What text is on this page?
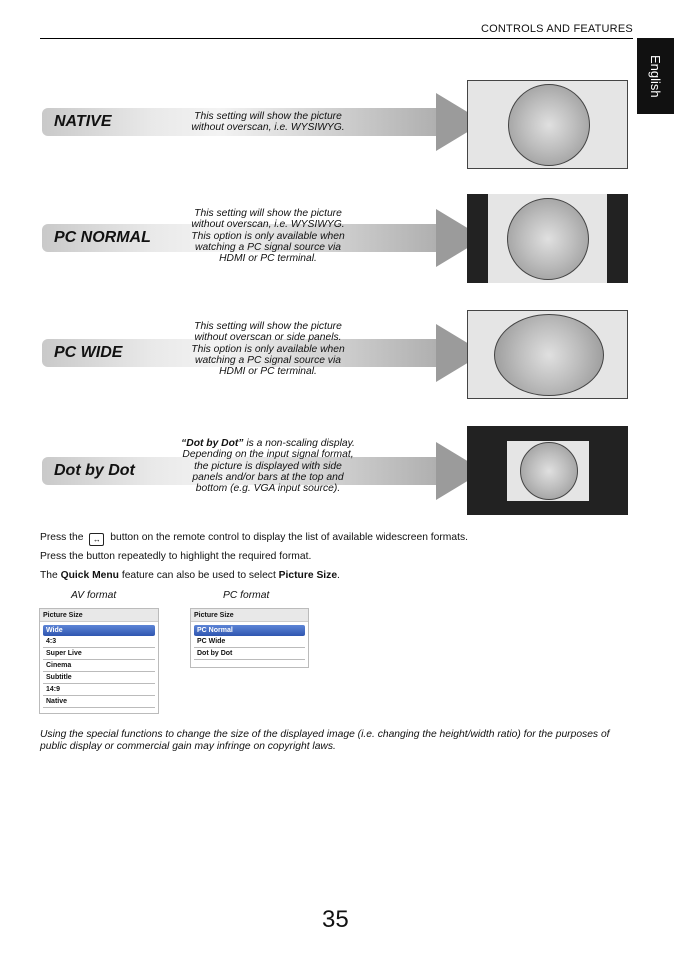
CONTROLS AND FEATURES
English
NATIVE	This setting will show the picture
without overscan, i.e. WYSIWYG.
PC NORMAL
This setting will show the picture
without overscan, i.e. WYSIWYG.
This option is only available when
watching a PC signal source via
HDMI or PC terminal.
PC WIDE
This setting will show the picture
without overscan or side panels.
This option is only available when
watching a PC signal source via
HDMI or PC terminal.
Dot by Dot
“Dot by Dot” is a non-scaling display.
Depending on the input signal format,
the picture is displayed with side
panels and/or bars at the top and
bottom (e.g. VGA input source).
Press the ↔ button on the remote control to display the list of available widescreen formats.
Press the button repeatedly to highlight the required format.
The Quick Menu feature can also be used to select Picture Size.
AV format	PC format
Picture Size
Wide
4:3
Super Live
Cinema
Subtitle
14:9
Native
Picture Size
PC Normal
PC Wide
Dot by Dot
Using the special functions to change the size of the displayed image (i.e. changing the height/width ratio) for the purposes of public display or commercial gain may infringe on copyright laws.
35
